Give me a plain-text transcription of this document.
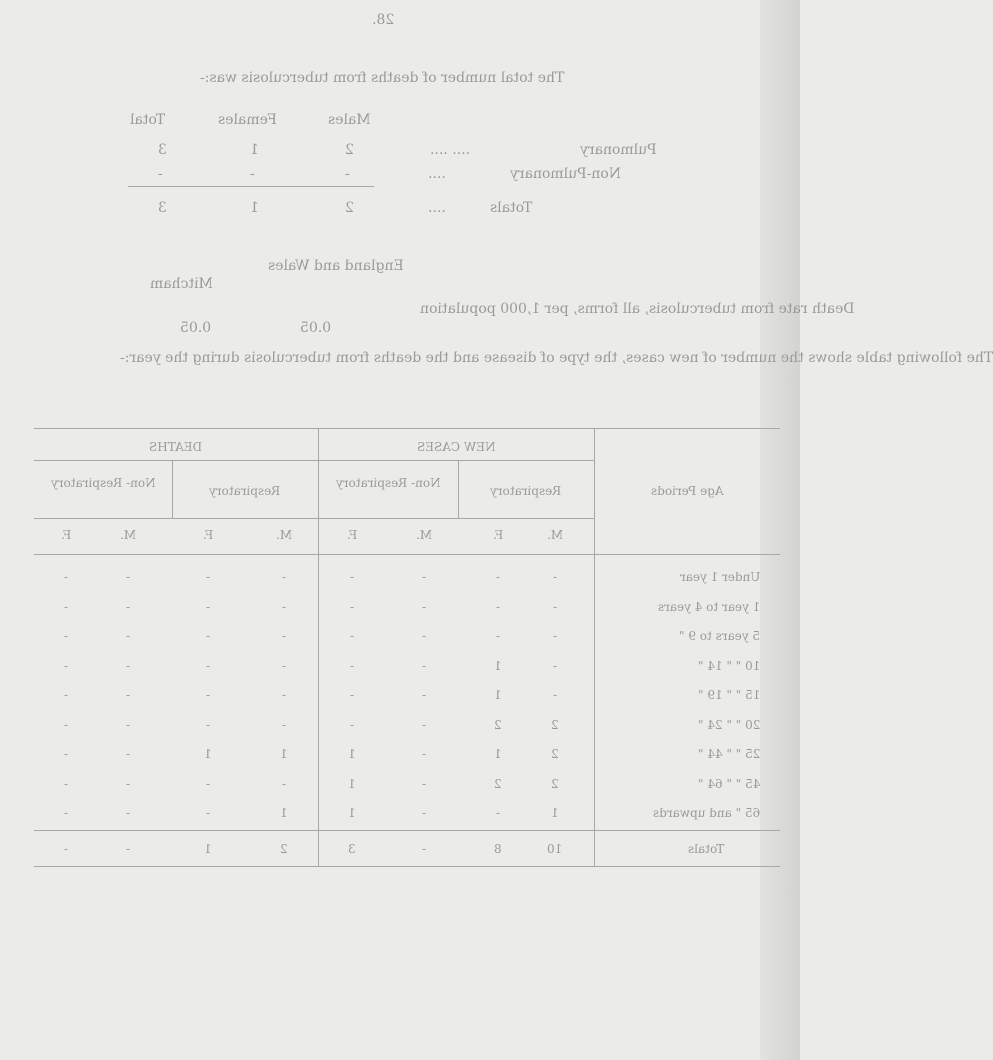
28.
The total number of deaths from tuberculosis was:-
Males
Females
Total
Pulmonary
.... ....
2
1
3
Non-Pulmonary
....
-
-
-
Totals
....
2
1
3
England and Wales
Mitcham
Death rate from tuberculosis, all forms, per 1,000 population
0.05
0.05
The following table shows the number of new cases, the type of disease and the deaths from tuberculosis during the year:-
Age Periods
NEW CASES
DEATHS
Respiratory
Non- Respiratory
Respiratory
Non- Respiratory
M.
F.
M.
F.
M.
F.
M.
F.
Under 1 year
-
-
-
-
-
-
-
-
1 year to 4 years
-
-
-
-
-
-
-
-
5 years to 9 "
-
-
-
-
-
-
-
-
10 " " 14 "
-
1
-
-
-
-
-
-
15 " " 19 "
-
1
-
-
-
-
-
-
20 " " 24 "
2
2
-
-
-
-
-
-
25 " " 44 "
2
1
-
1
1
1
-
-
45 " " 64 "
2
2
-
1
-
-
-
-
65 " and upwards
1
-
-
1
1
-
-
-
Totals
10
8
-
3
2
1
-
-
